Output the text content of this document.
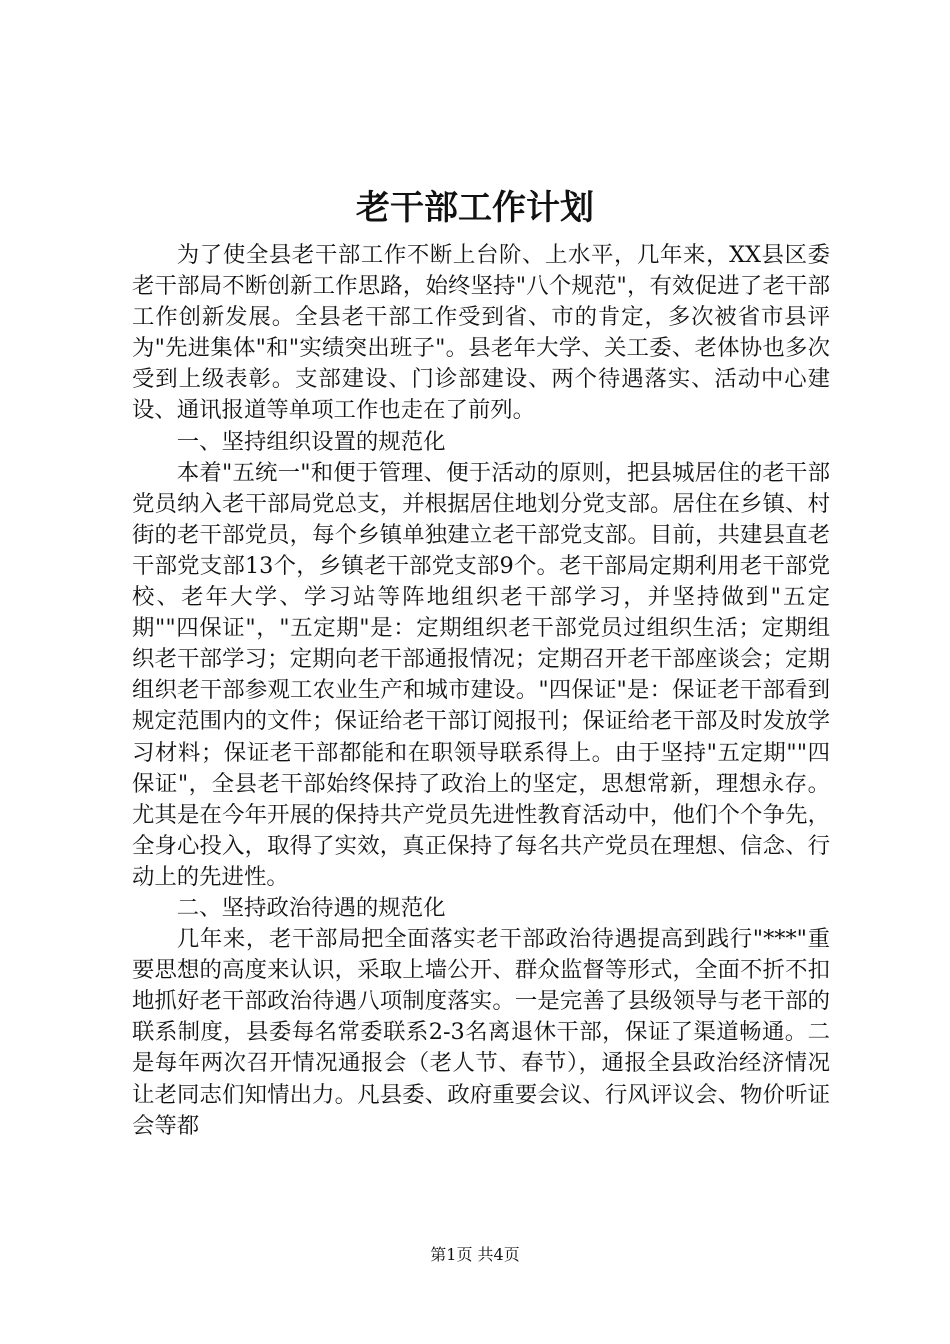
老干部工作计划

为了使全县老干部工作不断上台阶、上水平，几年来，XX县区委老干部局不断创新工作思路，始终坚持"八个规范"，有效促进了老干部工作创新发展。全县老干部工作受到省、市的肯定，多次被省市县评为"先进集体"和"实绩突出班子"。县老年大学、关工委、老体协也多次受到上级表彰。支部建设、门诊部建设、两个待遇落实、活动中心建设、通讯报道等单项工作也走在了前列。

一、坚持组织设置的规范化

本着"五统一"和便于管理、便于活动的原则，把县城居住的老干部党员纳入老干部局党总支，并根据居住地划分党支部。居住在乡镇、村街的老干部党员，每个乡镇单独建立老干部党支部。目前，共建县直老干部党支部13个，乡镇老干部党支部9个。老干部局定期利用老干部党校、老年大学、学习站等阵地组织老干部学习，并坚持做到"五定期""四保证"，"五定期"是：定期组织老干部党员过组织生活；定期组织老干部学习；定期向老干部通报情况；定期召开老干部座谈会；定期组织老干部参观工农业生产和城市建设。"四保证"是：保证老干部看到规定范围内的文件；保证给老干部订阅报刊；保证给老干部及时发放学习材料；保证老干部都能和在职领导联系得上。由于坚持"五定期""四保证"，全县老干部始终保持了政治上的坚定，思想常新，理想永存。尤其是在今年开展的保持共产党员先进性教育活动中，他们个个争先，全身心投入，取得了实效，真正保持了每名共产党员在理想、信念、行动上的先进性。

二、坚持政治待遇的规范化

几年来，老干部局把全面落实老干部政治待遇提高到践行"***"重要思想的高度来认识，采取上墙公开、群众监督等形式，全面不折不扣地抓好老干部政治待遇八项制度落实。一是完善了县级领导与老干部的联系制度，县委每名常委联系2-3名离退休干部，保证了渠道畅通。二是每年两次召开情况通报会（老人节、春节），通报全县政治经济情况让老同志们知情出力。凡县委、政府重要会议、行风评议会、物价听证会等都

第1页 共4页
